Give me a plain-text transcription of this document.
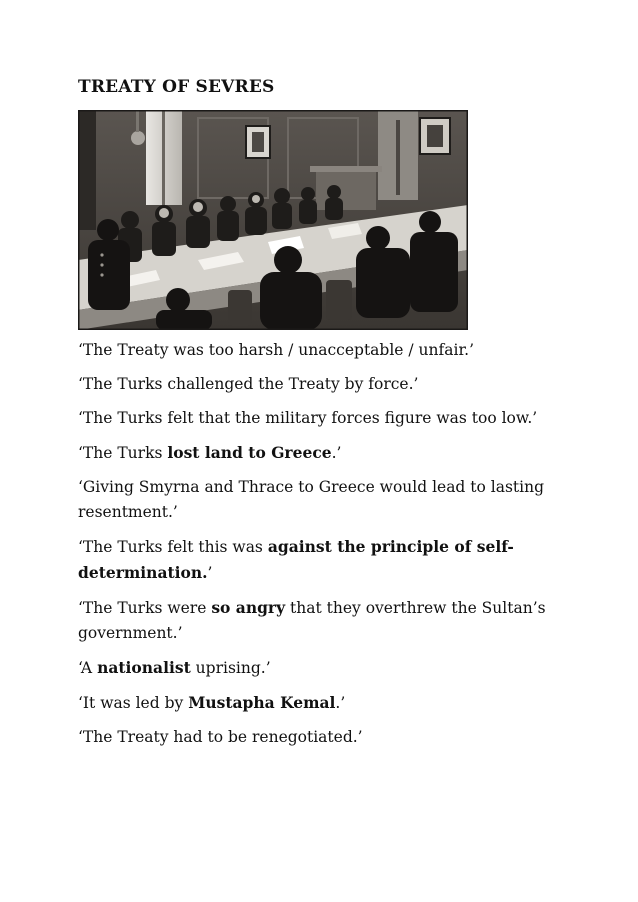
TREATY OF SEVRES
‘The Treaty was too harsh / unacceptable / unfair.’
‘The Turks challenged the Treaty by force.’
‘The Turks felt that the military forces figure was too low.’
‘The Turks lost land to Greece.’
‘Giving Smyrna and Thrace to Greece would lead to lasting resentment.’
‘The Turks felt this was against the principle of self-determination.’
‘The Turks were so angry that they overthrew the Sultan’s government.’
‘A nationalist uprising.’
‘It was led by Mustapha Kemal.’
‘The Treaty had to be renegotiated.’
